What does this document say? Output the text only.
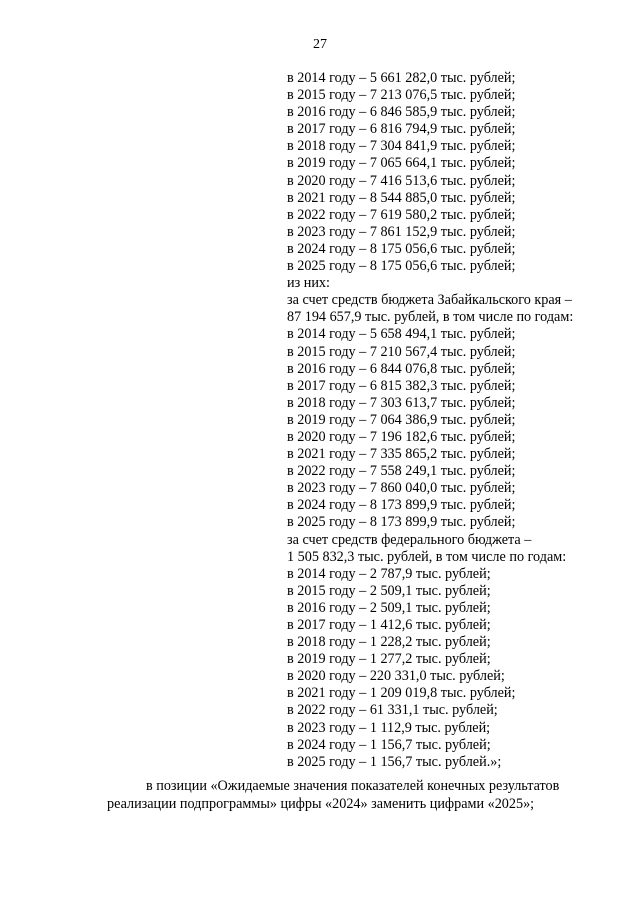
27
в 2014 году – 5 661 282,0 тыс. рублей;
в 2015 году – 7 213 076,5 тыс. рублей;
в 2016 году – 6 846 585,9 тыс. рублей;
в 2017 году – 6 816 794,9 тыс. рублей;
в 2018 году – 7 304 841,9 тыс. рублей;
в 2019 году – 7 065 664,1 тыс. рублей;
в 2020 году – 7 416 513,6 тыс. рублей;
в 2021 году – 8 544 885,0 тыс. рублей;
в 2022 году – 7 619 580,2 тыс. рублей;
в 2023 году – 7 861 152,9 тыс. рублей;
в 2024 году – 8 175 056,6 тыс. рублей;
в 2025 году – 8 175 056,6 тыс. рублей;
из них:
за счет средств бюджета Забайкальского края –
87 194 657,9 тыс. рублей, в том числе по годам:
в 2014 году – 5 658 494,1 тыс. рублей;
в 2015 году – 7 210 567,4 тыс. рублей;
в 2016 году – 6 844 076,8 тыс. рублей;
в 2017 году – 6 815 382,3 тыс. рублей;
в 2018 году – 7 303 613,7 тыс. рублей;
в 2019 году – 7 064 386,9 тыс. рублей;
в 2020 году – 7 196 182,6 тыс. рублей;
в 2021 году – 7 335 865,2 тыс. рублей;
в 2022 году – 7 558 249,1 тыс. рублей;
в 2023 году – 7 860 040,0 тыс. рублей;
в 2024 году – 8 173 899,9 тыс. рублей;
в 2025 году – 8 173 899,9 тыс. рублей;
за счет средств федерального бюджета –
1 505 832,3 тыс. рублей, в том числе по годам:
в 2014 году – 2 787,9 тыс. рублей;
в 2015 году – 2 509,1 тыс. рублей;
в 2016 году – 2 509,1 тыс. рублей;
в 2017 году – 1 412,6 тыс. рублей;
в 2018 году – 1 228,2 тыс. рублей;
в 2019 году – 1 277,2 тыс. рублей;
в 2020 году – 220 331,0 тыс. рублей;
в 2021 году – 1 209 019,8 тыс. рублей;
в 2022 году – 61 331,1 тыс. рублей;
в 2023 году – 1 112,9 тыс. рублей;
в 2024 году – 1 156,7 тыс. рублей;
в 2025 году – 1 156,7 тыс. рублей.»;
в позиции «Ожидаемые значения показателей конечных результатов
реализации подпрограммы» цифры «2024» заменить цифрами «2025»;
